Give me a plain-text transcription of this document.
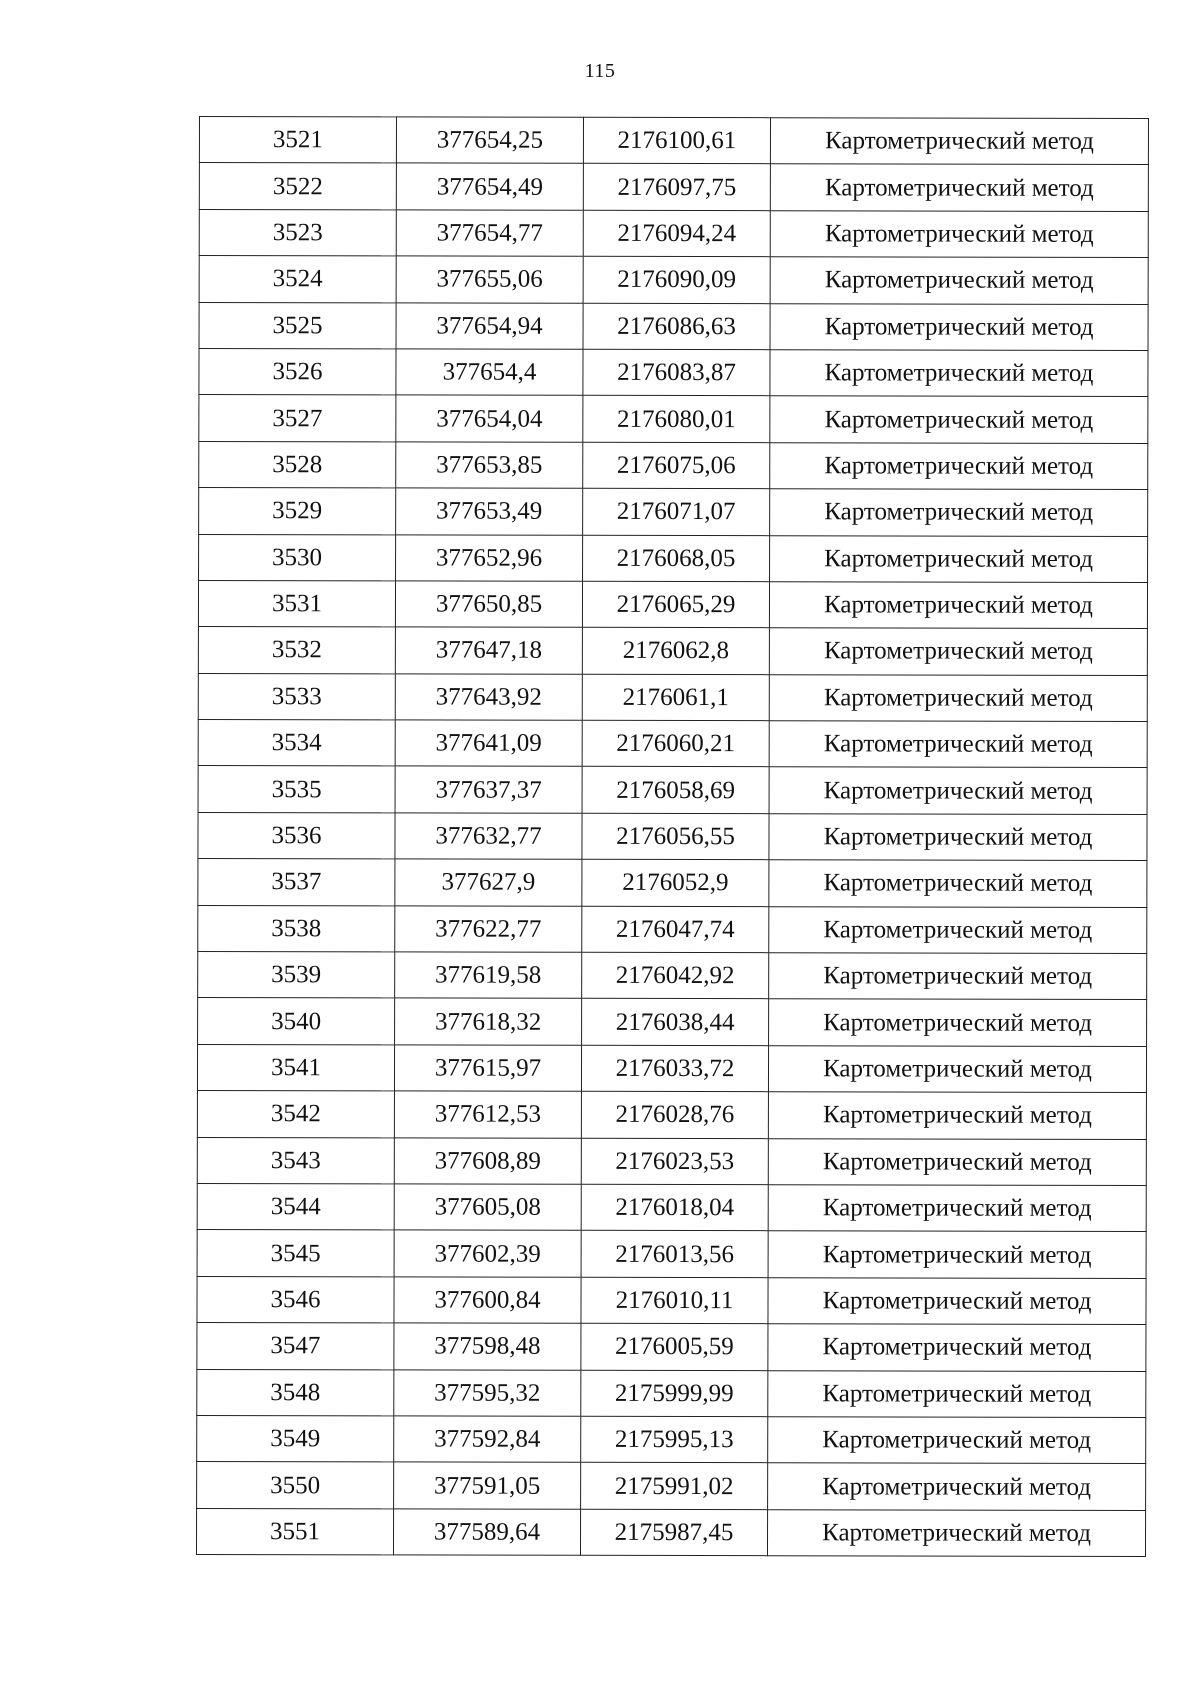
115
3521	377654,25	2176100,61	Картометрический метод
3522	377654,49	2176097,75	Картометрический метод
3523	377654,77	2176094,24	Картометрический метод
3524	377655,06	2176090,09	Картометрический метод
3525	377654,94	2176086,63	Картометрический метод
3526	377654,4	2176083,87	Картометрический метод
3527	377654,04	2176080,01	Картометрический метод
3528	377653,85	2176075,06	Картометрический метод
3529	377653,49	2176071,07	Картометрический метод
3530	377652,96	2176068,05	Картометрический метод
3531	377650,85	2176065,29	Картометрический метод
3532	377647,18	2176062,8	Картометрический метод
3533	377643,92	2176061,1	Картометрический метод
3534	377641,09	2176060,21	Картометрический метод
3535	377637,37	2176058,69	Картометрический метод
3536	377632,77	2176056,55	Картометрический метод
3537	377627,9	2176052,9	Картометрический метод
3538	377622,77	2176047,74	Картометрический метод
3539	377619,58	2176042,92	Картометрический метод
3540	377618,32	2176038,44	Картометрический метод
3541	377615,97	2176033,72	Картометрический метод
3542	377612,53	2176028,76	Картометрический метод
3543	377608,89	2176023,53	Картометрический метод
3544	377605,08	2176018,04	Картометрический метод
3545	377602,39	2176013,56	Картометрический метод
3546	377600,84	2176010,11	Картометрический метод
3547	377598,48	2176005,59	Картометрический метод
3548	377595,32	2175999,99	Картометрический метод
3549	377592,84	2175995,13	Картометрический метод
3550	377591,05	2175991,02	Картометрический метод
3551	377589,64	2175987,45	Картометрический метод
